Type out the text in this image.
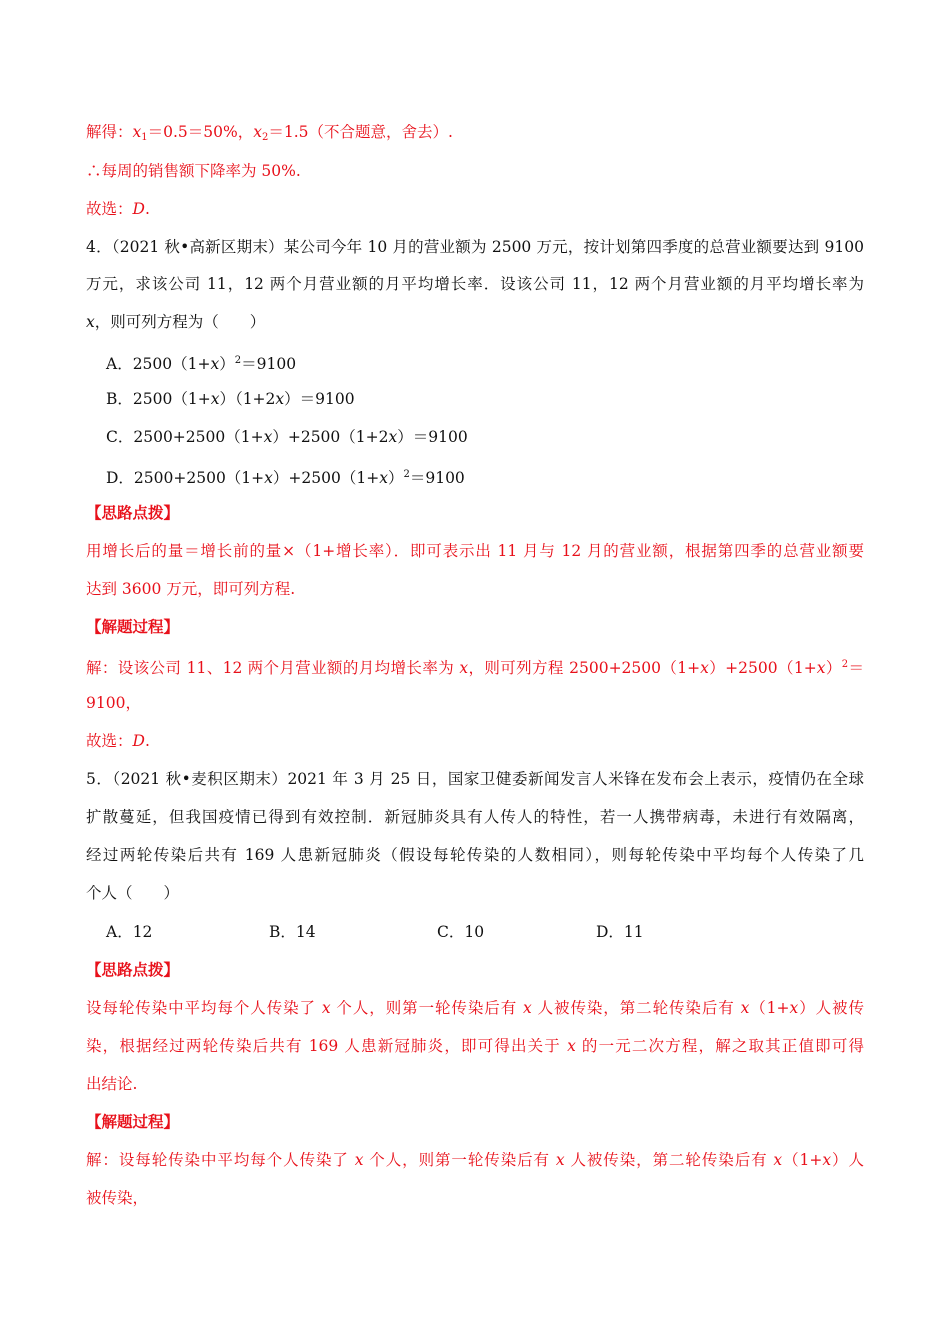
解得：$x_1=0.5=50\%$，$x_2=1.5$（不合题意，舍去）.
∴每周的销售额下降率为 50%.
故选：D.
4．（2021 秋•高新区期末）某公司今年 10 月的营业额为 2500 万元，按计划第四季度的总营业额要达到 9100
万元，求该公司 11，12 两个月营业额的月平均增长率．设该公司 11，12 两个月营业额的月平均增长率为
x，则可列方程为（　　）
A．$2500(1+x)^2=9100$
B．2500（1+x）（1+2x）＝9100
C．2500+2500（1+x）+2500（1+2x）＝9100
D．$2500+2500(1+x)+2500(1+x)^2=9100$
【思路点拨】
用增长后的量＝增长前的量×（1+增长率）．即可表示出 11 月与 12 月的营业额，根据第四季的总营业额要
达到 3600 万元，即可列方程.
【解题过程】
解：设该公司 11、12 两个月营业额的月均增长率为 x，则可列方程 $2500+2500(1+x)+2500(1+x)^2=$
9100，
故选：D.
5．（2021 秋•麦积区期末）2021 年 3 月 25 日，国家卫健委新闻发言人米锋在发布会上表示，疫情仍在全球
扩散蔓延，但我国疫情已得到有效控制．新冠肺炎具有人传人的特性，若一人携带病毒，未进行有效隔离，
经过两轮传染后共有 169 人患新冠肺炎（假设每轮传染的人数相同），则每轮传染中平均每个人传染了几
个人（　　）
A．12	B．14	C．10	D．11
【思路点拨】
设每轮传染中平均每个人传染了 x 个人，则第一轮传染后有 x 人被传染，第二轮传染后有 x（1+x）人被传
染，根据经过两轮传染后共有 169 人患新冠肺炎，即可得出关于 x 的一元二次方程，解之取其正值即可得
出结论.
【解题过程】
解：设每轮传染中平均每个人传染了 x 个人，则第一轮传染后有 x 人被传染，第二轮传染后有 x（1+x）人
被传染，
